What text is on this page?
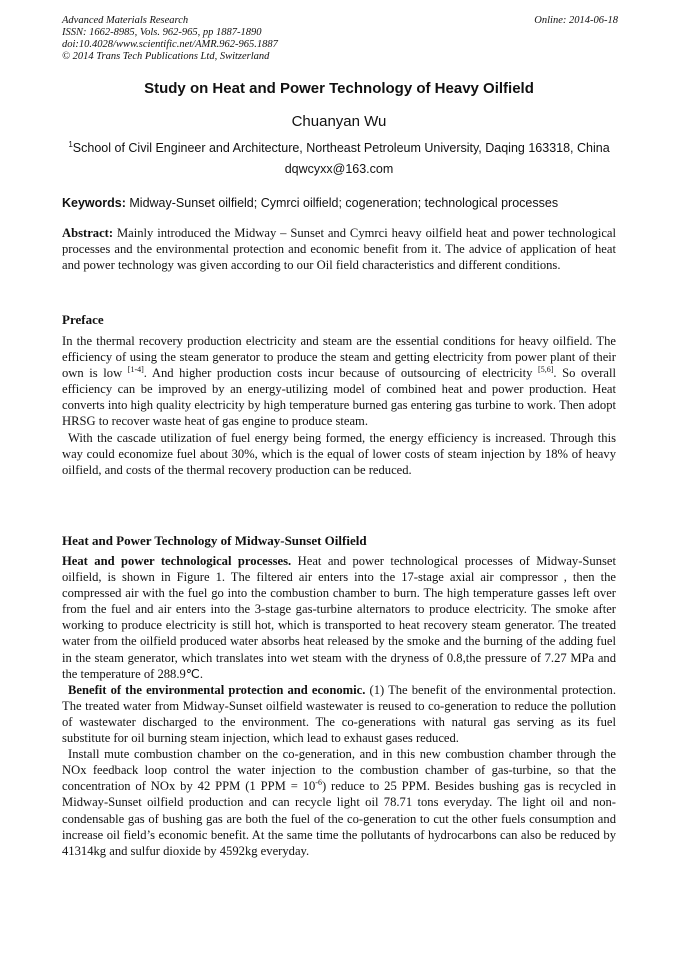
Advanced Materials Research
ISSN: 1662-8985, Vols. 962-965, pp 1887-1890
doi:10.4028/www.scientific.net/AMR.962-965.1887
© 2014 Trans Tech Publications Ltd, Switzerland
Online: 2014-06-18
Study on Heat and Power Technology of Heavy Oilfield
Chuanyan Wu
$^1$School of Civil Engineer and Architecture, Northeast Petroleum University, Daqing 163318, China
dqwcyxx@163.com
Keywords: Midway-Sunset oilfield; Cymrci oilfield; cogeneration; technological processes

Abstract: Mainly introduced the Midway – Sunset and Cymrci heavy oilfield heat and power technological processes and the environmental protection and economic benefit from it. The advice of application of heat and power technology was given according to our Oil field characteristics and different conditions.

Preface

In the thermal recovery production electricity and steam are the essential conditions for heavy oilfield. The efficiency of using the steam generator to produce the steam and getting electricity from power plant of their own is low [1-4]. And higher production costs incur because of outsourcing of electricity [5,6]. So overall efficiency can be improved by an energy-utilizing model of combined heat and power production. Heat converts into high quality electricity by high temperature burned gas entering gas turbine to work. Then adopt HRSG to recover waste heat of gas engine to produce steam.

With the cascade utilization of fuel energy being formed, the energy efficiency is increased. Through this way could economize fuel about 30%, which is the equal of lower costs of steam injection by 18% of heavy oilfield, and costs of the thermal recovery production can be reduced.

Heat and Power Technology of Midway-Sunset Oilfield

Heat and power technological processes. Heat and power technological processes of Midway-Sunset oilfield, is shown in Figure 1. The filtered air enters into the 17-stage axial air compressor , then the compressed air with the fuel go into the combustion chamber to burn. The high temperature gasses left over from the fuel and air enters into the 3-stage gas-turbine alternators to produce electricity. The smoke after working to produce electricity is still hot, which is transported to heat recovery steam generator. The treated water from the oilfield produced water absorbs heat released by the smoke and the burning of the adding fuel in the steam generator, which translates into wet steam with the dryness of 0.8,the pressure of 7.27 MPa and the temperature of 288.9℃.

Benefit of the environmental protection and economic. (1) The benefit of the environmental protection. The treated water from Midway-Sunset oilfield wastewater is reused to co-generation to reduce the pollution of wastewater discharged to the environment. The co-generations with natural gas serving as its fuel substitute for oil burning steam injection, which lead to exhaust gases reduced.

Install mute combustion chamber on the co-generation, and in this new combustion chamber through the NOx feedback loop control the water injection to the combustion chamber of gas-turbine, so that the concentration of NOx by 42 PPM (1 PPM = 10$^{-6}$) reduce to 25 PPM. Besides bushing gas is recycled in Midway-Sunset oilfield production and can recycle light oil 78.71 tons everyday. The light oil and non-condensable gas of bushing gas are both the fuel of the co-generation to cut the other fuels consumption and increase oil field’s economic benefit. At the same time the pollutants of hydrocarbons can also be reduced by 41314kg and sulfur dioxide by 4592kg everyday.
